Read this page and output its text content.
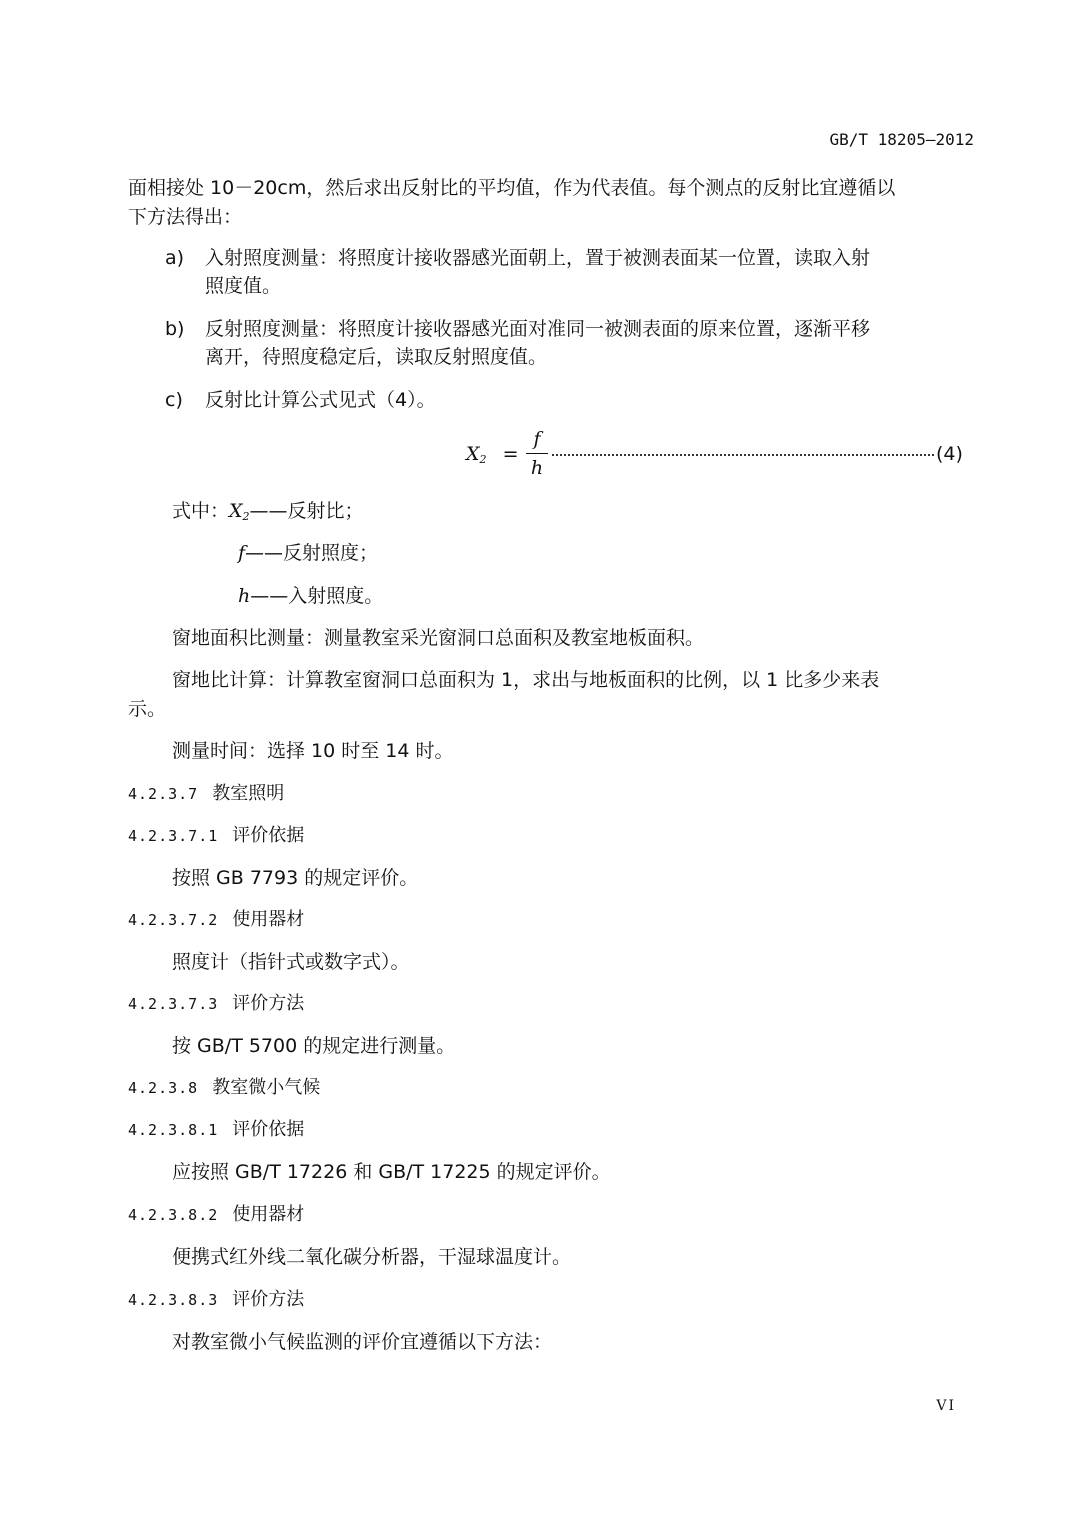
GB/T 18205—2012
面相接处 10－20cm，然后求出反射比的平均值，作为代表值。每个测点的反射比宜遵循以
下方法得出：
a) 入射照度测量：将照度计接收器感光面朝上，置于被测表面某一位置，读取入射
照度值。
b) 反射照度测量：将照度计接收器感光面对准同一被测表面的原来位置，逐渐平移
离开，待照度稳定后，读取反射照度值。
c) 反射比计算公式见式（4）。
$X_2$ =
f
h
(4)
式中：$X_2——$反射比；
f——反射照度；
h——入射照度。
窗地面积比测量：测量教室采光窗洞口总面积及教室地板面积。
窗地比计算：计算教室窗洞口总面积为 1，求出与地板面积的比例，以 1 比多少来表
示。
测量时间：选择 10 时至 14 时。
4.2.3.7 教室照明
4.2.3.7.1 评价依据
按照 GB 7793 的规定评价。
4.2.3.7.2 使用器材
照度计（指针式或数字式）。
4.2.3.7.3 评价方法
按 GB/T 5700 的规定进行测量。
4.2.3.8 教室微小气候
4.2.3.8.1 评价依据
应按照 GB/T 17226 和 GB/T 17225 的规定评价。
4.2.3.8.2 使用器材
便携式红外线二氧化碳分析器，干湿球温度计。
4.2.3.8.3 评价方法
对教室微小气候监测的评价宜遵循以下方法：
VI
